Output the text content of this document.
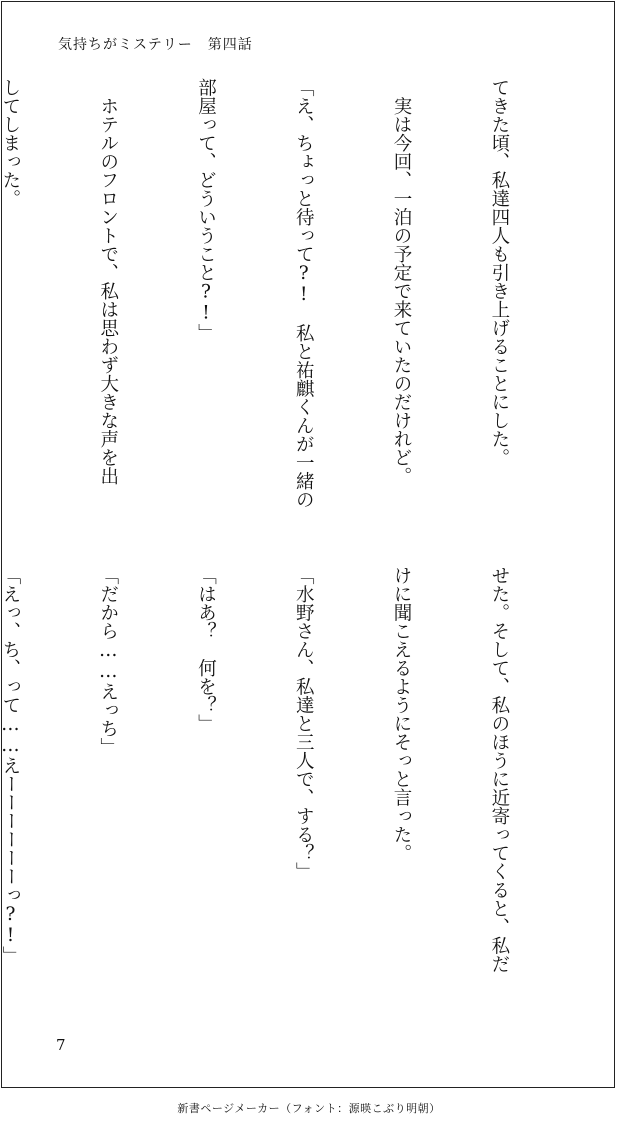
気持ちがミステリー　第四話

てきた頃、私達四人も引き上げることにした。

　実は今回、一泊の予定で来ていたのだけれど。

「え、ちょっと待って?!　私と祐麒くんが一緒の

部屋って、どういうこと?!」

　ホテルのフロントで、私は思わず大きな声を出

してしまった。

せた。そして、私のほうに近寄ってくると、私だ

けに聞こえるようにそっと言った。

「水野さん、私達と三人で、する？」

「はあ？　何を？」

「だから……えっち」

「えっ、ち、って……えーーーーーーっ?!」

7
新書ページメーカー（フォント：源暎こぶり明朝）
